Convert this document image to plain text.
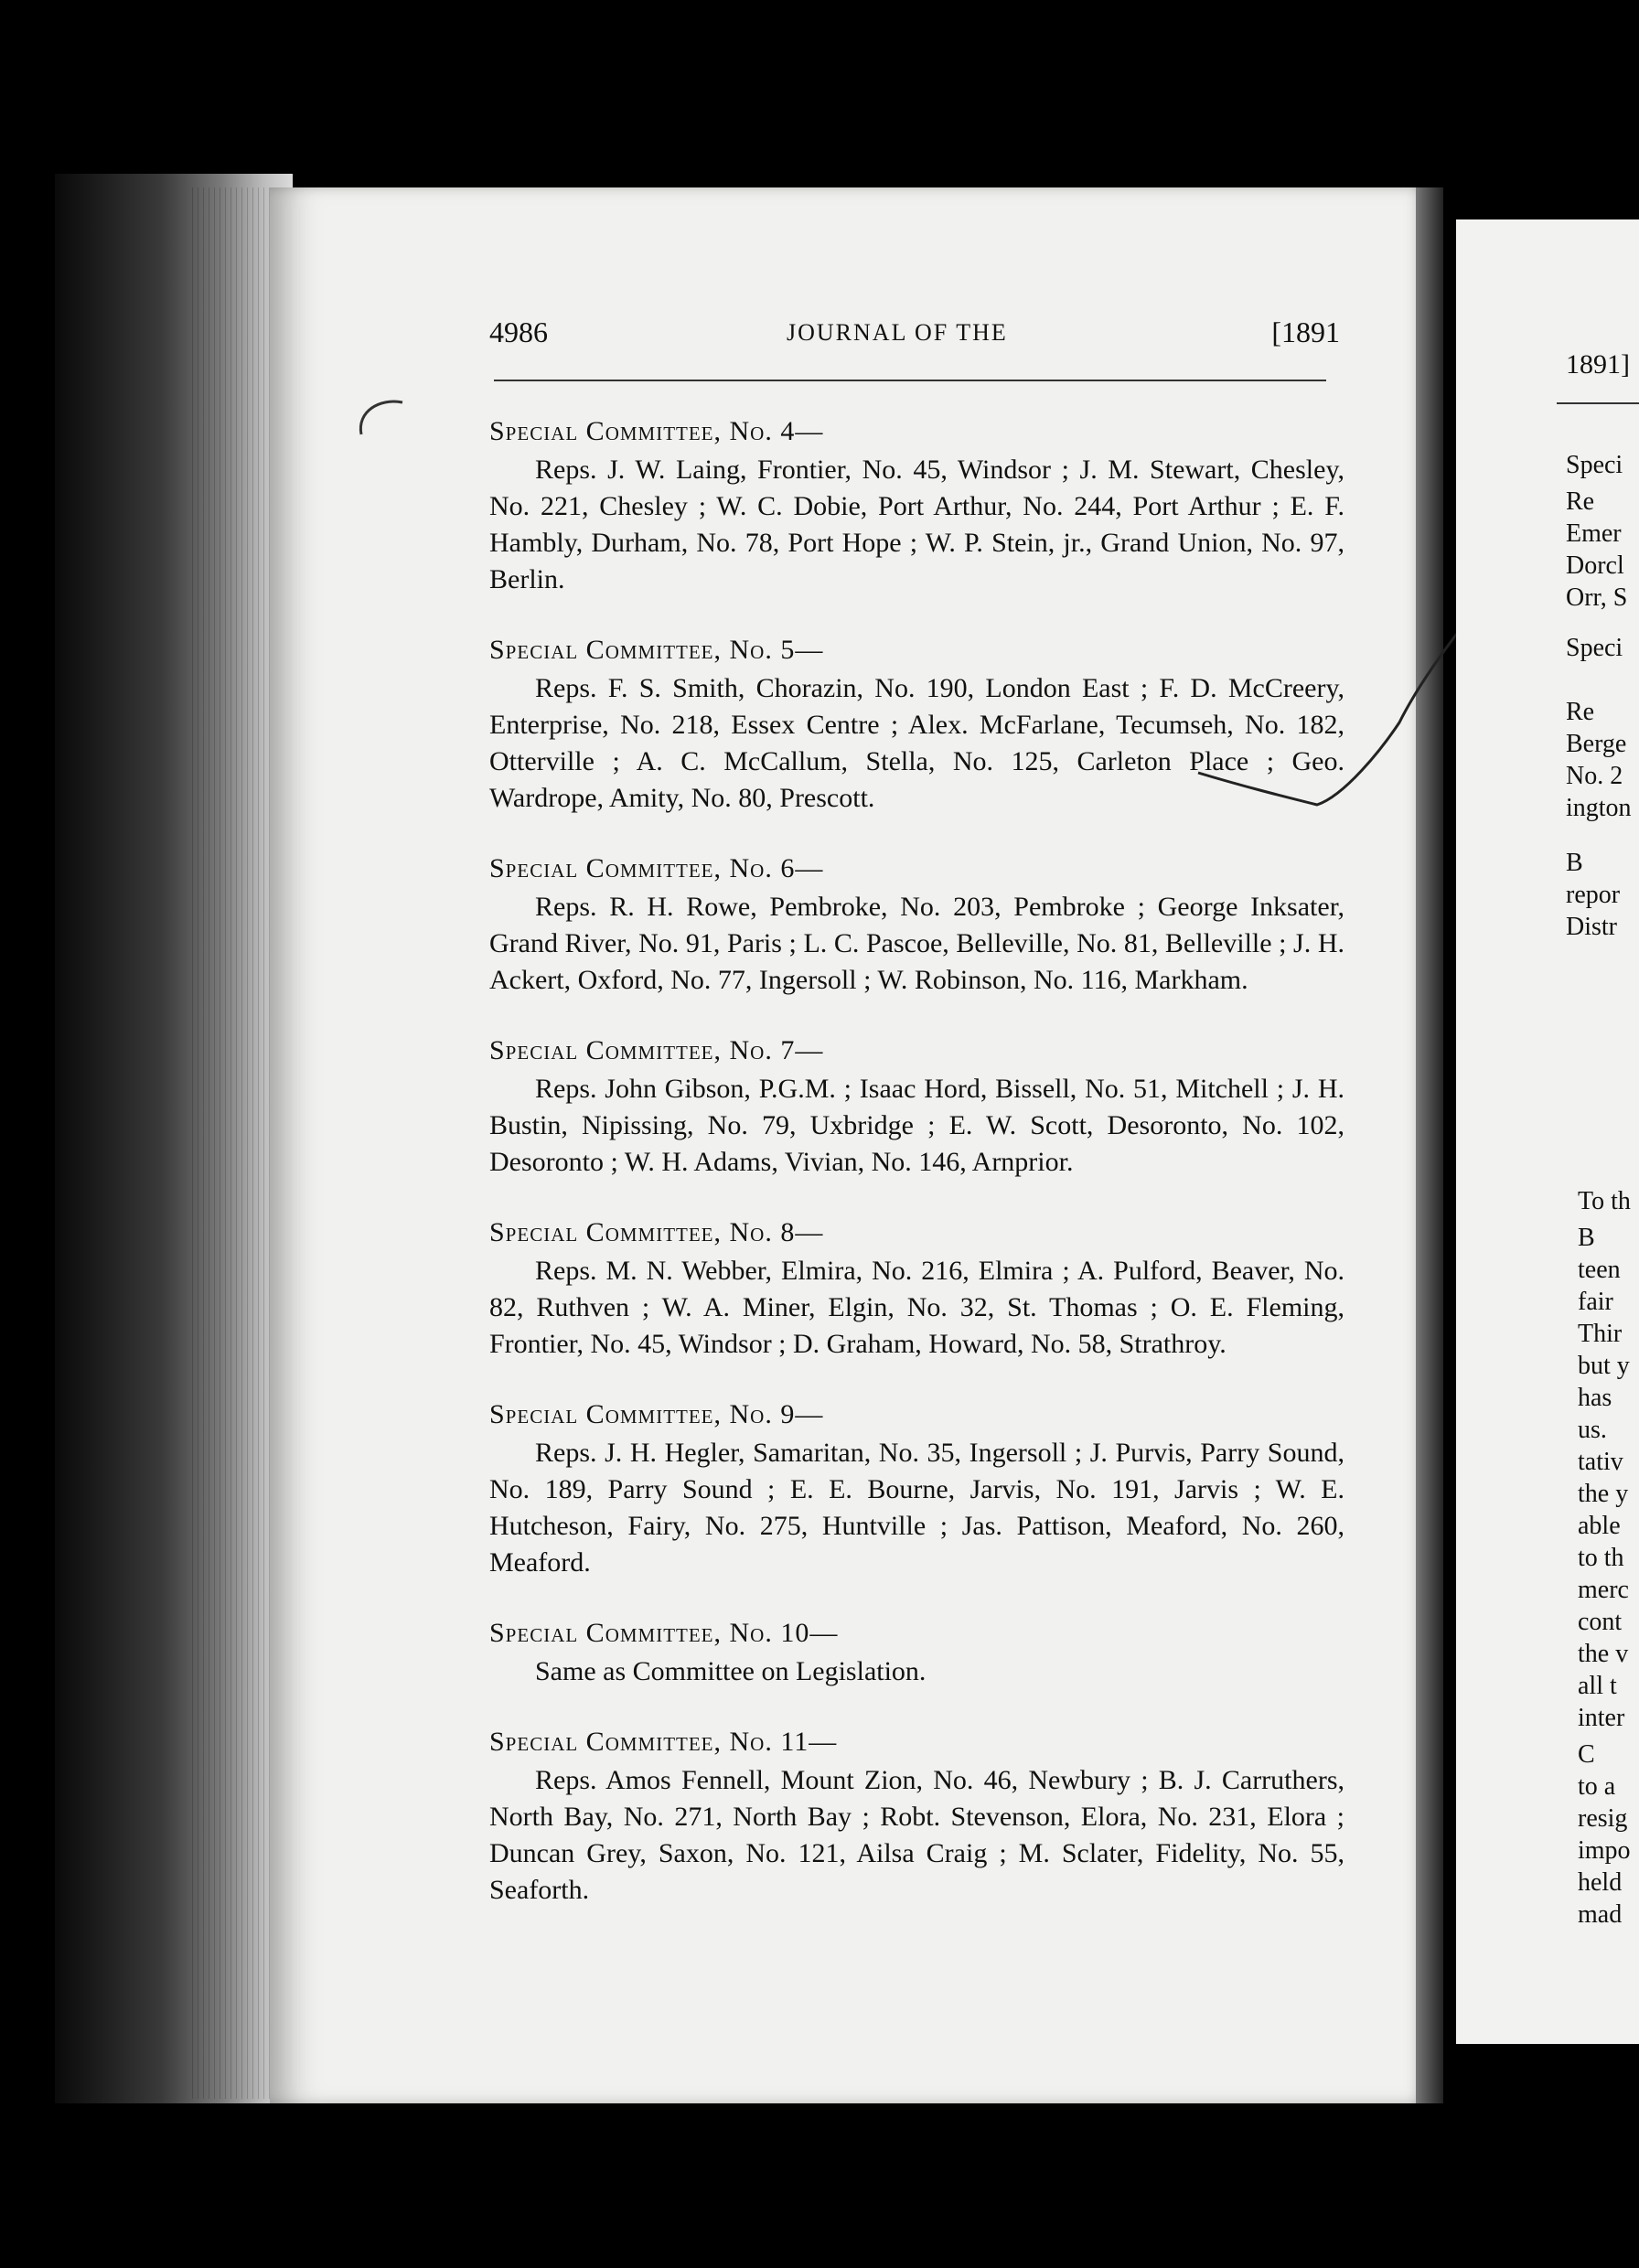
4986	JOURNAL OF THE	[1891
Special Committee, No. 4—
Reps. J. W. Laing, Frontier, No. 45, Windsor ; J. M. Stewart, Chesley, No. 221, Chesley ; W. C. Dobie, Port Arthur, No. 244, Port Arthur ; E. F. Hambly, Durham, No. 78, Port Hope ; W. P. Stein, jr., Grand Union, No. 97, Berlin.
Special Committee, No. 5—
Reps. F. S. Smith, Chorazin, No. 190, London East ; F. D. McCreery, Enterprise, No. 218, Essex Centre ; Alex. McFarlane, Tecumseh, No. 182, Otterville ; A. C. McCallum, Stella, No. 125, Carleton Place ; Geo. Wardrope, Amity, No. 80, Prescott.
Special Committee, No. 6—
Reps. R. H. Rowe, Pembroke, No. 203, Pembroke ; George Inksater, Grand River, No. 91, Paris ; L. C. Pascoe, Belleville, No. 81, Belleville ; J. H. Ackert, Oxford, No. 77, Ingersoll ; W. Robinson, No. 116, Markham.
Special Committee, No. 7—
Reps. John Gibson, P.G.M. ; Isaac Hord, Bissell, No. 51, Mitchell ; J. H. Bustin, Nipissing, No. 79, Uxbridge ; E. W. Scott, Desoronto, No. 102, Desoronto ; W. H. Adams, Vivian, No. 146, Arnprior.
Special Committee, No. 8—
Reps. M. N. Webber, Elmira, No. 216, Elmira ; A. Pulford, Beaver, No. 82, Ruthven ; W. A. Miner, Elgin, No. 32, St. Thomas ; O. E. Fleming, Frontier, No. 45, Windsor ; D. Graham, Howard, No. 58, Strathroy.
Special Committee, No. 9—
Reps. J. H. Hegler, Samaritan, No. 35, Ingersoll ; J. Purvis, Parry Sound, No. 189, Parry Sound ; E. E. Bourne, Jarvis, No. 191, Jarvis ; W. E. Hutcheson, Fairy, No. 275, Huntville ; Jas. Pattison, Meaford, No. 260, Meaford.
Special Committee, No. 10—
Same as Committee on Legislation.
Special Committee, No. 11—
Reps. Amos Fennell, Mount Zion, No. 46, Newbury ; B. J. Carruthers, North Bay, No. 271, North Bay ; Robt. Stevenson, Elora, No. 231, Elora ; Duncan Grey, Saxon, No. 121, Ailsa Craig ; M. Sclater, Fidelity, No. 55, Seaforth.
1891]
Speci
Re
Emer
Dorcl
Orr, S
Speci
Re
Berge
No. 2
ington
B
repor
Distr
To th
B
teen
fair
Thir
but y
has
us.
tativ
the y
able
to th
merc
cont
the v
all t
inter
C
to a
resig
impo
held
mad
